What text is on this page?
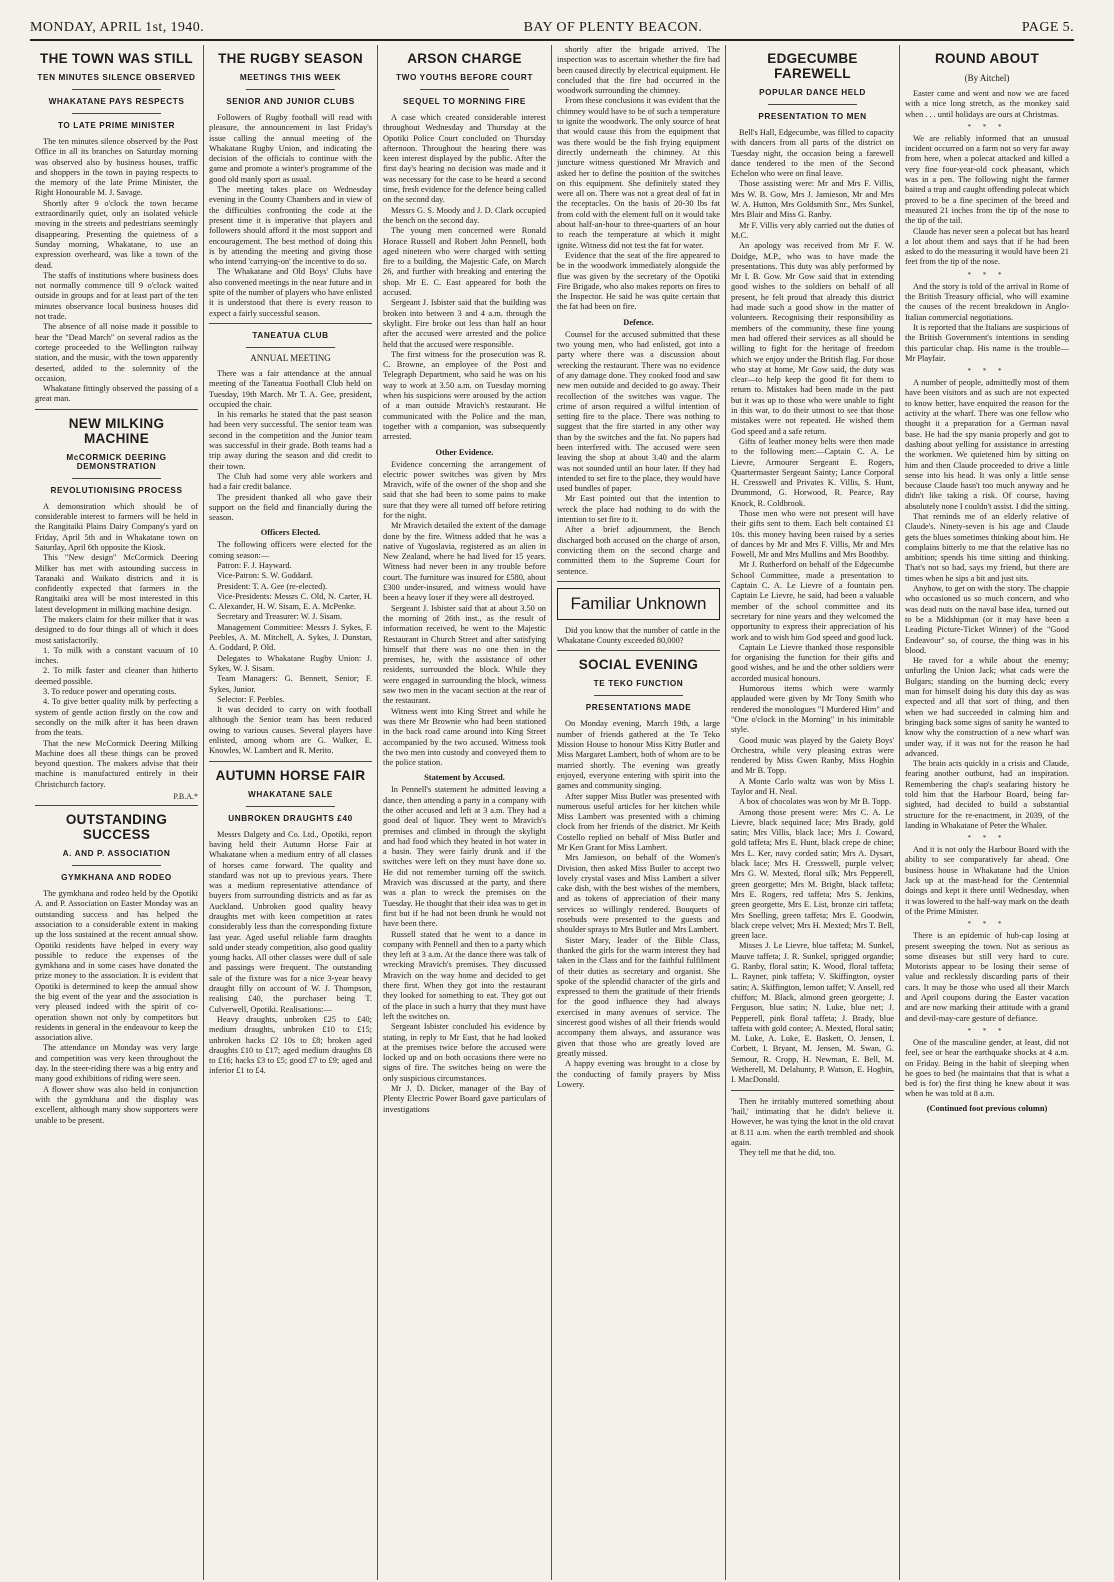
MONDAY, APRIL 1st, 1940.	BAY OF PLENTY BEACON.	PAGE 5.
THE TOWN WAS STILL
TEN MINUTES SILENCE OBSERVED
WHAKATANE PAYS RESPECTS
TO LATE PRIME MINISTER

The ten minutes silence observed by the Post Office in all its branches on Saturday morning was observed also by business houses, traffic and shoppers in the town in paying respects to the memory of the late Prime Minister, the Right Honourable M. J. Savage.

Shortly after 9 o'clock the town became extraordinarily quiet, only an isolated vehicle moving in the streets and pedestrians seemingly disappearing. Presenting the quietness of a Sunday morning, Whakatane, to use an expression overheard, was like a town of the dead.

The staffs of institutions where business does not normally commence till 9 o'clock waited outside in groups and for at least part of the ten minutes observance local business houses did not trade.

The absence of all noise made it possible to hear the "Dead March" on several radios as the cortege proceeded to the Wellington railway station, and the music, with the town apparently deserted, added to the solemnity of the occasion.

Whakatane fittingly observed the passing of a great man.

NEW MILKING MACHINE
McCORMICK DEERING DEMONSTRATION
REVOLUTIONISING PROCESS

A demonstration which should be of considerable interest to farmers will be held in the Rangitaiki Plains Dairy Company's yard on Friday, April 5th and in Whakatane town on Saturday, April 6th opposite the Kiosk.

This "New design" McCormick Deering Milker has met with astounding success in Taranaki and Waikato districts and it is confidently expected that farmers in the Rangitaiki area will be most interested in this latest development in milking machine design.

The makers claim for their milker that it was designed to do four things all of which it does most satisfactorily.

1. To milk with a constant vacuum of 10 inches.

2. To milk faster and cleaner than hitherto deemed possible.

3. To reduce power and operating costs.

4. To give better quality milk by perfecting a system of gentle action firstly on the cow and secondly on the milk after it has been drawn from the teats.

That the new McCormick Deering Milking Machine does all these things can be proved beyond question. The makers advise that their machine is manufactured entirely in their Christchurch factory.

P.B.A.*
OUTSTANDING SUCCESS
A. AND P. ASSOCIATION
GYMKHANA AND RODEO

The gymkhana and rodeo held by the Opotiki A. and P. Association on Easter Monday was an outstanding success and has helped the association to a considerable extent in making up the loss sustained at the recent annual show. Opotiki residents have helped in every way possible to reduce the expenses of the gymkhana and in some cases have donated the prize money to the association. It is evident that Opotiki is determined to keep the annual show the big event of the year and the association is very pleased indeed with the spirit of co-operation shown not only by competitors but residents in general in the endeavour to keep the association alive.

The attendance on Monday was very large and competition was very keen throughout the day. In the steer-riding there was a big entry and many good exhibitions of riding were seen.

A flower show was also held in conjunction with the gymkhana and the display was excellent, although many show supporters were unable to be present.

THE RUGBY SEASON
MEETINGS THIS WEEK
SENIOR AND JUNIOR CLUBS

Followers of Rugby football will read with pleasure, the announcement in last Friday's issue calling the annual meeting of the Whakatane Rugby Union, and indicating the decision of the officials to continue with the game and promote a winter's programme of the good old manly sport as usual.

The meeting takes place on Wednesday evening in the County Chambers and in view of the difficulties confronting the code at the present time it is imperative that players and followers should afford it the most support and encouragement. The best method of doing this is by attending the meeting and giving those who intend 'carrying-on' the incentive to do so.

The Whakatane and Old Boys' Clubs have also convened meetings in the near future and in spite of the number of players who have enlisted it is understood that there is every reason to expect a fairly successful season.

TANEATUA CLUB
ANNUAL MEETING

There was a fair attendance at the annual meeting of the Taneatua Football Club held on Tuesday, 19th March. Mr T. A. Gee, president, occupied the chair.

In his remarks he stated that the past season had been very successful. The senior team was second in the competition and the Junior team was successful in their grade. Both teams had a trip away during the season and did credit to their town.

The Club had some very able workers and had a fair credit balance.

The president thanked all who gave their support on the field and financially during the season.

Officers Elected.

The following officers were elected for the coming season:—

Patron: F. J. Hayward.

Vice-Patron: S. W. Goddard.

President: T. A. Gee (re-elected).

Vice-Presidents: Messrs C. Old, N. Carter, H. C. Alexander, H. W. Sisam, E. A. McPenke.

Secretary and Treasurer: W. J. Sisam.

Management Committee: Messrs J. Sykes, F. Peebles, A. M. Mitchell, A. Sykes, J. Dunstan, A. Goddard, P. Old.

Delegates to Whakatane Rugby Union: J. Sykes, W. J. Sisam.

Team Managers: G. Bennett, Senior; F. Sykes, Junior.

Selector: F. Peebles.

It was decided to carry on with football although the Senior team has been reduced owing to various causes. Several players have enlisted, among whom are G. Walker, E. Knowles, W. Lambert and R. Merito.

AUTUMN HORSE FAIR
WHAKATANE SALE
UNBROKEN DRAUGHTS £40

Messrs Dalgety and Co. Ltd., Opotiki, report having held their Autumn Horse Fair at Whakatane when a medium entry of all classes of horses came forward. The quality and standard was not up to previous years. There was a medium representative attendance of buyers from surrounding districts and as far as Auckland. Unbroken good quality heavy draughts met with keen competition at rates considerably less than the corresponding fixture last year. Aged useful reliable farm draughts sold under steady competition, also good quality young hacks. All other classes were dull of sale and passings were frequent. The outstanding sale of the fixture was for a nice 3-year heavy draught filly on account of W. J. Thompson, realising £40, the purchaser being T. Culverwell, Opotiki. Realisations:—

Heavy draughts, unbroken £25 to £40; medium draughts, unbroken £10 to £15; unbroken hacks £2 10s to £8; broken aged draughts £10 to £17; aged medium draughts £8 to £16; hacks £3 to £5; good £7 to £9; aged and inferior £1 to £4.

ARSON CHARGE
TWO YOUTHS BEFORE COURT
SEQUEL TO MORNING FIRE

A case which created considerable interest throughout Wednesday and Thursday at the Opotiki Police Court concluded on Thursday afternoon. Throughout the hearing there was keen interest displayed by the public. After the first day's hearing no decision was made and it was necessary for the case to be heard a second time, fresh evidence for the defence being called on the second day.

Messrs G. S. Moody and J. D. Clark occupied the bench on the second day.

The young men concerned were Ronald Horace Russell and Robert John Pennell, both aged nineteen who were charged with setting fire to a building, the Majestic Cafe, on March 26, and further with breaking and entering the shop. Mr E. C. East appeared for both the accused.

Sergeant J. Isbister said that the building was broken into between 3 and 4 a.m. through the skylight. Fire broke out less than half an hour after the accused were arrested and the police held that the accused were responsible.

The first witness for the prosecution was R. C. Browne, an employee of the Post and Telegraph Department, who said he was on his way to work at 3.50 a.m. on Tuesday morning when his suspicions were aroused by the action of a man outside Mravich's restaurant. He communicated with the Police and the man, together with a companion, was subsequently arrested.

Other Evidence.

Evidence concerning the arrangement of electric power switches was given by Mrs Mravich, wife of the owner of the shop and she said that she had been to some pains to make sure that they were all turned off before retiring for the night.

Mr Mravich detailed the extent of the damage done by the fire. Witness added that he was a native of Yugoslavia, registered as an alien in New Zealand, where he had lived for 15 years. Witness had never been in any trouble before court. The furniture was insured for £580, about £300 under-insured, and witness would have been a heavy loser if they were all destroyed.

Sergeant J. Isbister said that at about 3.50 on the morning of 26th inst., as the result of information received, he went to the Majestic Restaurant in Church Street and after satisfying himself that there was no one then in the premises, he, with the assistance of other residents, surrounded the block. While they were engaged in surrounding the block, witness saw two men in the vacant section at the rear of the restaurant.

Witness went into King Street and while he was there Mr Brownie who had been stationed in the back road came around into King Street accompanied by the two accused. Witness took the two men into custody and conveyed them to the police station.

Statement by Accused.

In Pennell's statement he admitted leaving a dance, then attending a party in a company with the other accused and left at 3 a.m. They had a good deal of liquor. They went to Mravich's premises and climbed in through the skylight and had food which they heated in hot water in a basin. They were fairly drunk and if the switches were left on they must have done so. He did not remember turning off the switch. Mravich was discussed at the party, and there was a plan to wreck the premises on the Tuesday. He thought that their idea was to get in first but if he had not been drunk he would not have been there.

Russell stated that he went to a dance in company with Pennell and then to a party which they left at 3 a.m. At the dance there was talk of wrecking Mravich's premises. They discussed Mravich on the way home and decided to get there first. When they got into the restaurant they looked for something to eat. They got out of the place in such a hurry that they must have left the switches on.

Sergeant Isbister concluded his evidence by stating, in reply to Mr East, that he had looked at the premises twice before the accused were locked up and on both occasions there were no signs of fire. The switches being on were the only suspicious circumstances.

Mr J. D. Dicker, manager of the Bay of Plenty Electric Power Board gave particulars of investigations

shortly after the brigade arrived. The inspection was to ascertain whether the fire had been caused directly by electrical equipment. He concluded that the fire had occurred in the woodwork surrounding the chimney.

From these conclusions it was evident that the chimney would have to be of such a temperature to ignite the woodwork. The only source of heat that would cause this from the equipment that was there would be the fish frying equipment directly underneath the chimney. At this juncture witness questioned Mr Mravich and asked her to define the position of the switches on this equipment. She definitely stated they were all on. There was not a great deal of fat in the receptacles. On the basis of 20-30 lbs fat from cold with the element full on it would take about half-an-hour to three-quarters of an hour to reach the temperature at which it might ignite. Witness did not test the fat for water.

Evidence that the seat of the fire appeared to be in the woodwork immediately alongside the flue was given by the secretary of the Opotiki Fire Brigade, who also makes reports on fires to the Inspector. He said he was quite certain that the fat had been on fire.

Defence.

Counsel for the accused submitted that these two young men, who had enlisted, got into a party where there was a discussion about wrecking the restaurant. There was no evidence of any damage done. They cooked food and saw new men outside and decided to go away. Their recollection of the switches was vague. The crime of arson required a wilful intention of setting fire to the place. There was nothing to suggest that the fire started in any other way than by the switches and the fat. No papers had been interfered with. The accused were seen leaving the shop at about 3.40 and the alarm was not sounded until an hour later. If they had intended to set fire to the place, they would have used bundles of paper.

Mr East pointed out that the intention to wreck the place had nothing to do with the intention to set fire to it.

After a brief adjournment, the Bench discharged both accused on the charge of arson, convicting them on the second charge and committed them to the Supreme Court for sentence.

Familiar Unknown

Did you know that the number of cattle in the Whakatane County exceeded 80,000?

SOCIAL EVENING
TE TEKO FUNCTION
PRESENTATIONS MADE

On Monday evening, March 19th, a large number of friends gathered at the Te Teko Mission House to honour Miss Kitty Butler and Miss Margaret Lambert, both of whom are to be married shortly. The evening was greatly enjoyed, everyone entering with spirit into the games and community singing.

After supper Miss Butler was presented with numerous useful articles for her kitchen while Miss Lambert was presented with a chiming clock from her friends of the district. Mr Keith Costello replied on behalf of Miss Butler and Mr Ken Grant for Miss Lambert.

Mrs Jamieson, on behalf of the Women's Division, then asked Miss Butler to accept two lovely crystal vases and Miss Lambert a silver cake dish, with the best wishes of the members, and as tokens of appreciation of their many services so willingly rendered. Bouquets of rosebuds were presented to the guests and shoulder sprays to Mrs Butler and Mrs Lambert.

Sister Mary, leader of the Bible Class, thanked the girls for the warm interest they had taken in the Class and for the faithful fulfilment of their duties as secretary and organist. She spoke of the splendid character of the girls and expressed to them the gratitude of their friends for the good influence they had always exercised in many avenues of service. The sincerest good wishes of all their friends would accompany them always, and assurance was given that those who are greatly loved are greatly missed.

A happy evening was brought to a close by the conducting of family prayers by Miss Lowery.

EDGECUMBE FAREWELL
POPULAR DANCE HELD
PRESENTATION TO MEN

Bell's Hall, Edgecumbe, was filled to capacity with dancers from all parts of the district on Tuesday night, the occasion being a farewell dance tendered to the men of the Second Echelon who were on final leave.

Those assisting were: Mr and Mrs F. Villis, Mrs W. B. Gow, Mrs J. Jamieson, Mr and Mrs W. A. Hutton, Mrs Goldsmith Snr., Mrs Sunkel, Mrs Blair and Miss G. Ranby.

Mr F. Villis very ably carried out the duties of M.C.

An apology was received from Mr F. W. Doidge, M.P., who was to have made the presentations. This duty was ably performed by Mr I. B. Gow. Mr Gow said that in extending good wishes to the soldiers on behalf of all present, he felt proud that already this district had made such a good show in the matter of volunteers. Recognising their responsibility as members of the community, these fine young men had offered their services as all should be willing to fight for the heritage of freedom which we enjoy under the British flag. For those who stay at home, Mr Gow said, the duty was clear—to help keep the good fit for them to return to. Mistakes had been made in the past but it was up to those who were unable to fight in this war, to do their utmost to see that those mistakes were not repeated. He wished them God speed and a safe return.

Gifts of leather money belts were then made to the following men:—Captain C. A. Le Lievre, Armourer Sergeant E. Rogers, Quartermaster Sergeant Sainty; Lance Corporal H. Cresswell and Privates K. Villis, S. Hunt, Drummond, G. Horwood, R. Pearce, Ray Knock, R. Coldbrook.

Those men who were not present will have their gifts sent to them. Each belt contained £1 10s. this money having been raised by a series of dances by Mr and Mrs F. Villis, Mr and Mrs Fowell, Mr and Mrs Mullins and Mrs Boothby.

Mr J. Rutherford on behalf of the Edgecumbe School Committee, made a presentation to Captain C. A. Le Lievre of a fountain pen. Captain Le Lievre, he said, had been a valuable member of the school committee and its secretary for nine years and they welcomed the opportunity to express their appreciation of his work and to wish him God speed and good luck.

Captain Le Lievre thanked those responsible for organising the function for their gifts and good wishes, and he and the other soldiers were accorded musical honours.

Humorous items which were warmly applauded were given by Mr Tony Smith who rendered the monologues "I Murdered Him" and "One o'clock in the Morning" in his inimitable style.

Good music was played by the Gaiety Boys' Orchestra, while very pleasing extras were rendered by Miss Gwen Ranby, Miss Hogbin and Mr B. Topp.

A Monte Carlo waltz was won by Miss I. Taylor and H. Neal.

A box of chocolates was won by Mr B. Topp.

Among those present were: Mrs C. A. Le Lievre, black sequined lace; Mrs Brady, gold satin; Mrs Villis, black lace; Mrs J. Coward, gold taffeta; Mrs E. Hunt, black crepe de chine; Mrs L. Ker, navy corded satin; Mrs A. Dysart, black lace; Mrs H. Cresswell, purple velvet; Mrs G. W. Mexted, floral silk; Mrs Pepperell, green georgette; Mrs M. Bright, black taffeta; Mrs E. Rogers, red taffeta; Mrs S. Jenkins, green georgette, Mrs E. List, bronze ciri taffeta; Mrs Snelling, green taffeta; Mrs E. Goodwin, black crepe velvet; Mrs H. Mexted; Mrs T. Bell, green lace.

Misses J. Le Lievre, blue taffeta; M. Sunkel, Mauve taffeta; J. R. Sunkel, sprigged organdie; G. Ranby, floral satin; K. Wood, floral taffeta; L. Rayner, pink taffeta; V. Skiffington, oyster satin; A. Skiffington, lemon taffet; V. Ansell, red chiffon; M. Black, almond green georgette; J. Ferguson, blue satin; N. Luke, blue net; J. Pepperell, pink floral taffeta; J. Brady, blue taffeta with gold contee; A. Mexted, floral satin; M. Luke, A. Luke, E. Baskett, O. Jensen, I. Corbett, I. Bryant, M. Jensen, M. Swan, G. Semour, R. Cropp, H. Newman, E. Bell, M. Wetherell, M. Delahunty, P. Watson, E. Hogbin, I. MacDonald.

Then he irritably muttered something about 'hail,' intimating that he didn't believe it. However, he was tying the knot in the old cravat at 8.11 a.m. when the earth trembled and shook again.

They tell me that he did, too.

ROUND ABOUT
(By Aitchel)

Easter came and went and now we are faced with a nice long stretch, as the monkey said when . . . until holidays are ours at Christmas.

* * *

We are reliably informed that an unusual incident occurred on a farm not so very far away from here, when a polecat attacked and killed a very fine four-year-old cock pheasant, which was in a pen. The following night the farmer baited a trap and caught offending polecat which proved to be a fine specimen of the breed and measured 21 inches from the tip of the nose to the tip of the tail.

Claude has never seen a polecat but has heard a lot about them and says that if he had been asked to do the measuring it would have been 21 feet from the tip of the nose.

* * *

And the story is told of the arrival in Rome of the British Treasury official, who will examine the causes of the recent breakdown in Anglo-Italian commercial negotiations.

It is reported that the Italians are suspicious of the British Government's intentions in sending this particular chap. His name is the trouble—Mr Playfair.

* * *

A number of people, admittedly most of them have been visitors and as such are not expected to know better, have enquired the reason for the activity at the wharf. There was one fellow who thought it a preparation for a German naval base. He had the spy mania properly and got to dashing about yelling for assistance in arresting the workmen. We quietened him by sitting on him and then Claude proceeded to drive a little sense into his head. It was only a little sense because Claude hasn't too much anyway and he didn't like taking a risk. Of course, having absolutely none I couldn't assist. I did the sitting.

That reminds me of an elderly relative of Claude's. Ninety-seven is his age and Claude gets the blues sometimes thinking about him. He complains bitterly to me that the relative has no ambition; spends his time sitting and thinking. That's not so bad, says my friend, but there are times when he sips a bit and just sits.

Anyhow, to get on with the story. The chappie who occasioned us so much concern, and who was dead nuts on the naval base idea, turned out to be a Midshipman (or it may have been a Leading Picture-Ticket Winner) of the "Good Endeavour" so, of course, the thing was in his blood.

He raved for a while about the enemy; unfurling the Union Jack; what cads were the Bulgars; standing on the burning deck; every man for himself doing his duty this day as was expected and all that sort of thing, and then when we had succeeded in calming him and bringing back some signs of sanity he wanted to know why the construction of a new wharf was under way, if it was not for the reason he had advanced.

The brain acts quickly in a crisis and Claude, fearing another outburst, had an inspiration. Remembering the chap's seafaring history he told him that the Harbour Board, being far-sighted, had decided to build a substantial structure for the re-enactment, in 2039, of the landing in Whakatane of Peter the Whaler.

* * *

And it is not only the Harbour Board with the ability to see comparatively far ahead. One business house in Whakatane had the Union Jack up at the mast-head for the Centennial doings and kept it there until Wednesday, when it was lowered to the half-way mark on the death of the Prime Minister.

* * *

There is an epidemic of hub-cap losing at present sweeping the town. Not as serious as some diseases but still very hard to cure. Motorists appear to be losing their sense of value and recklessly discarding parts of their cars. It may be those who used all their March and April coupons during the Easter vacation and are now marking their attitude with a grand and devil-may-care gesture of defiance.

* * *

One of the masculine gender, at least, did not feel, see or hear the earthquake shocks at 4 a.m. on Friday. Being in the habit of sleeping when he goes to bed (he maintains that that is what a bed is for) the first thing he knew about it was when he was told at 8 a.m.

(Continued foot previous column)
